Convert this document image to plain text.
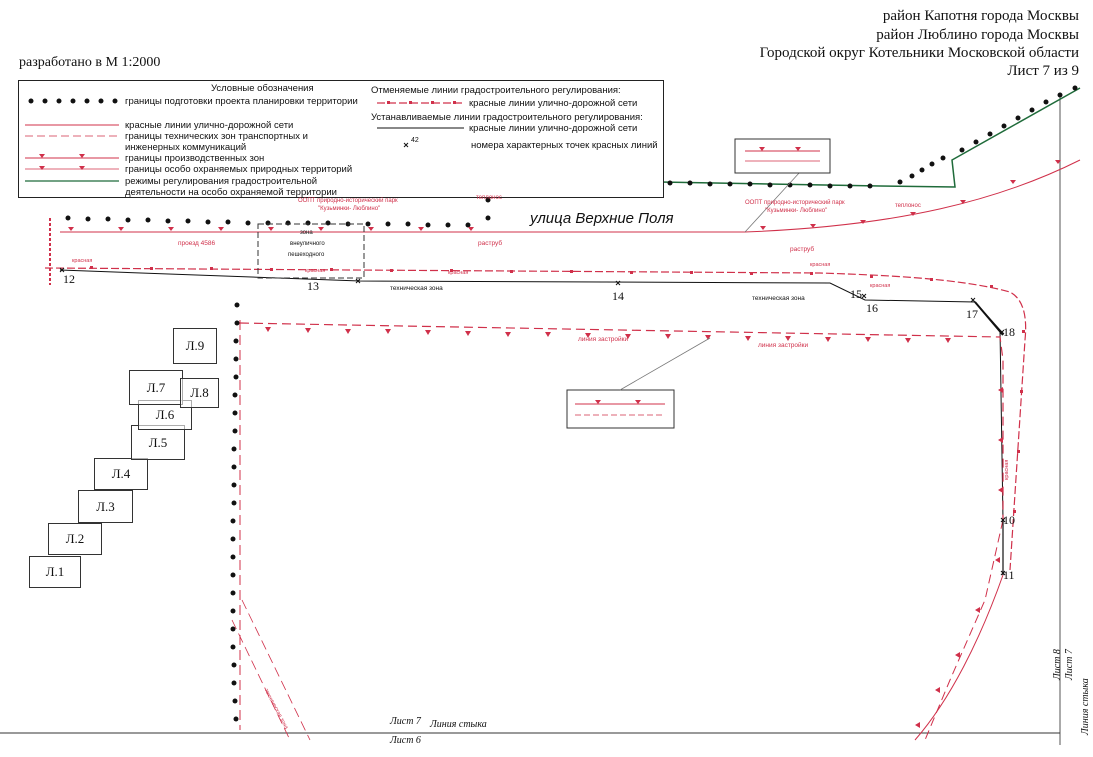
район Капотня города Москвы
район Люблино города Москвы
Городской округ Котельники Московской области
Лист 7 из 9
разработано в М 1:2000
Условные обозначения
границы подготовки проекта планировки территории
красные линии улично-дорожной сети
границы технических зон транспортных и
инженерных коммуникаций
границы производственных зон
границы особо охраняемых природных территорий
режимы регулирования градостроительной
деятельности на особо охраняемой территории
Отменяемые линии градостроительного регулирования:
красные линии улично-дорожной сети
Устанавливаемые линии градостроительного регулирования:
красные линии улично-дорожной сети
42	номера характерных точек красных линий
улица Верхние Поля
ООПТ природно-исторический парк
"Кузьминки- Люблино"
ООПТ природно-исторический парк
"Кузьминки- Люблино"
проезд 4586
зона
внеуличного
пешеходного
раструб
раструб
техническая зона
техническая зона
линия застройки
линия застройки
теплонос
теплонос
красная
красная	красная
красная
красная
красная
техническая зона
12	13
14	15
16	17
18
10
11
Лист 7 Линия стыка
Лист 6
Лист 8 Лист 7
Линия стыка
Л.1
Л.2
Л.3
Л.4
Л.5
Л.6
Л.7	Л.8
Л.9
